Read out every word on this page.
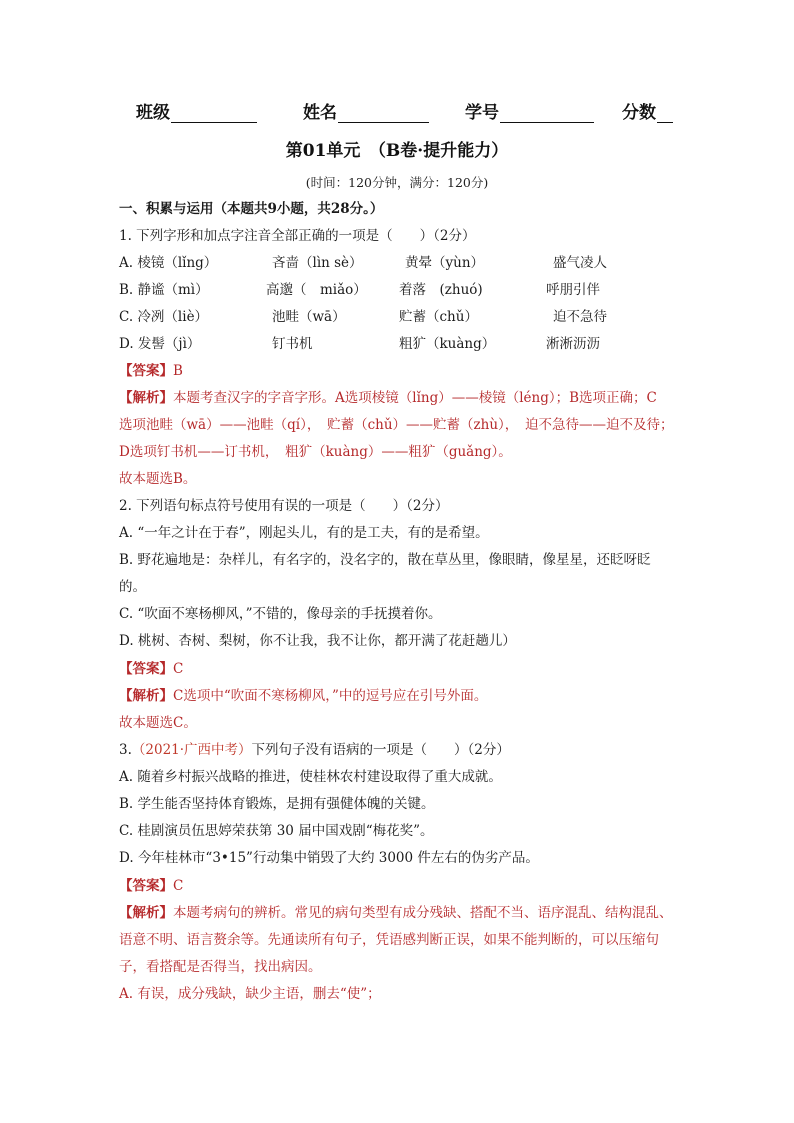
班级	姓名	学号	分数
第01单元　（B卷·提升能力）
(时间：120分钟，满分：120分)
一、积累与运用（本题共9小题，共28分。）
1. 下列字形和加点字注音全部正确的一项是（　　）（2分）
A. 棱镜（lǐng）	吝啬（lìn sè）	黄晕（yùn）	盛气凌人
B. 静谧（mì）	高邈（　miǎo） 着落　(zhuó)	呼朋引伴
C. 冷冽（liè）	池畦（wā）	贮蓄（chǔ）	迫不急待
D. 发髻（jì）	钉书机	粗犷（kuàng）	淅淅沥沥
【答案】B
【解析】本题考查汉字的字音字形。A选项棱镜（lǐng）——棱镜（léng）；B选项正确；C
选项池畦（wā）——池畦（qí），　贮蓄（chǔ）——贮蓄（zhù），　迫不急待——迫不及待；
D选项钉书机——订书机，　粗犷（kuàng）——粗犷（guǎng）。
故本题选B。
2. 下列语句标点符号使用有误的一项是（　　）（2分）
A. “一年之计在于春”，刚起头儿，有的是工夫，有的是希望。
B. 野花遍地是：杂样儿，有名字的，没名字的，散在草丛里，像眼睛，像星星，还眨呀眨
的。
C. “吹面不寒杨柳风，”不错的，像母亲的手抚摸着你。
D. 桃树、杏树、梨树，你不让我，我不让你，都开满了花赶趟儿）
【答案】C
【解析】C选项中“吹面不寒杨柳风，”中的逗号应在引号外面。
故本题选C。
3.（2021·广西中考）下列句子没有语病的一项是（　　）（2分）
A. 随着乡村振兴战略的推进，使桂林农村建设取得了重大成就。
B. 学生能否坚持体育锻炼，是拥有强健体魄的关键。
C. 桂剧演员伍思婷荣获第 30 届中国戏剧“梅花奖”。
D. 今年桂林市“3•15”行动集中销毁了大约 3000 件左右的伪劣产品。
【答案】C
【解析】本题考病句的辨析。常见的病句类型有成分残缺、搭配不当、语序混乱、结构混乱、
语意不明、语言赘余等。先通读所有句子，凭语感判断正误，如果不能判断的，可以压缩句
子，看搭配是否得当，找出病因。
A. 有误，成分残缺，缺少主语，删去“使”；
